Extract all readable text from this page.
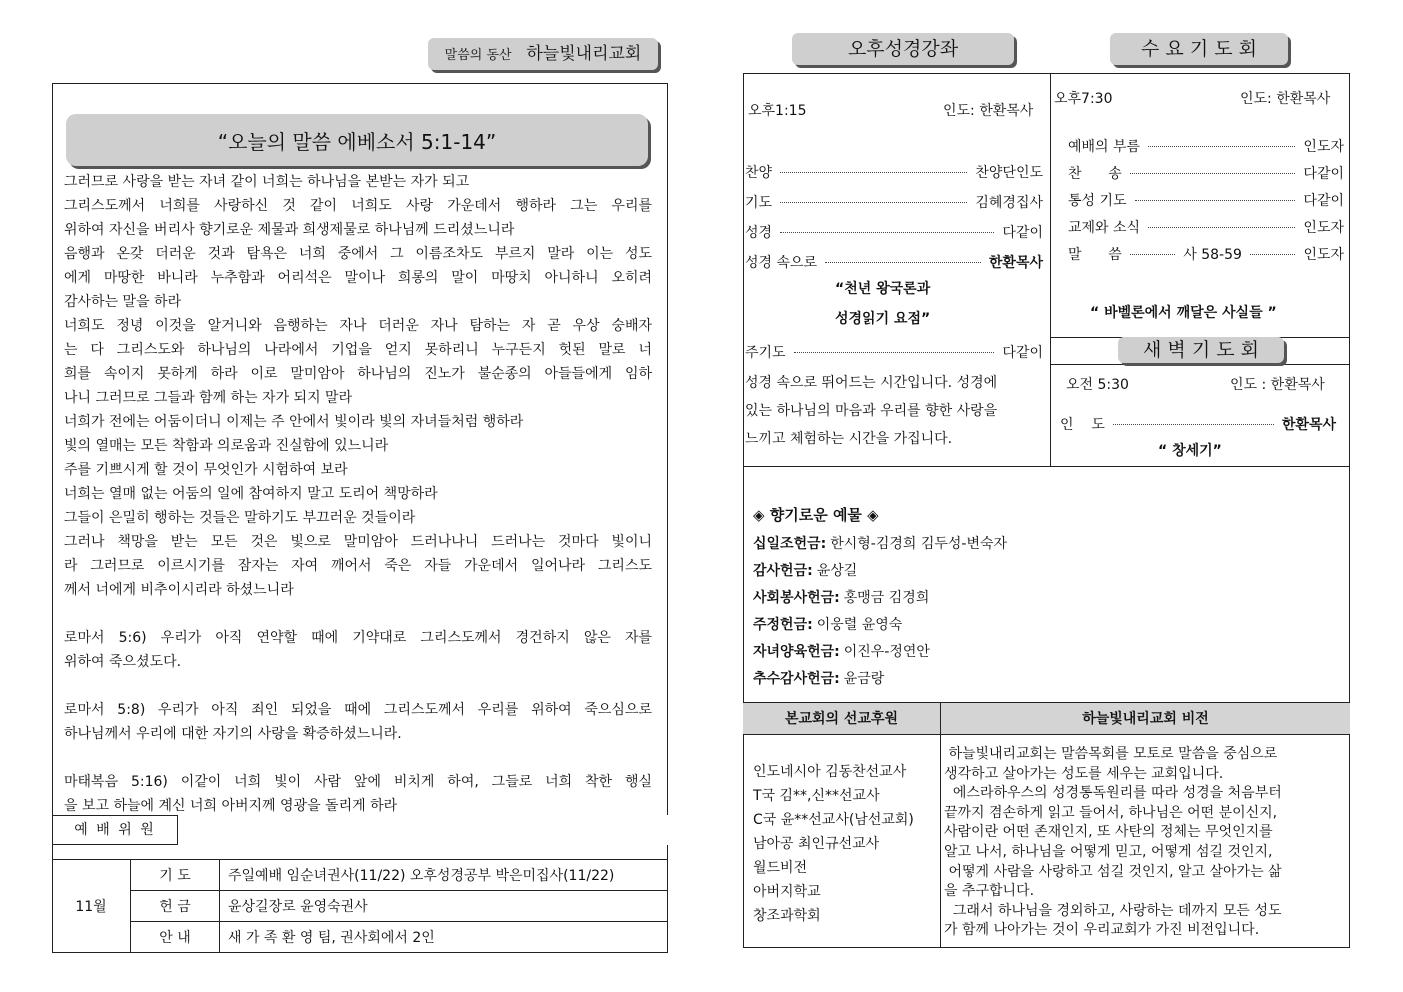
말씀의 동산 하늘빛내리교회
“오늘의 말씀 에베소서 5:1-14”
그러므로 사랑을 받는 자녀 같이 너희는 하나님을 본받는 자가 되고
그리스도께서 너희를 사랑하신 것 같이 너희도 사랑 가운데서 행하라 그는 우리를
위하여 자신을 버리사 향기로운 제물과 희생제물로 하나님께 드리셨느니라
음행과 온갖 더러운 것과 탐욕은 너희 중에서 그 이름조차도 부르지 말라 이는 성도
에게 마땅한 바니라 누추함과 어리석은 말이나 희롱의 말이 마땅치 아니하니 오히려
감사하는 말을 하라
너희도 정녕 이것을 알거니와 음행하는 자나 더러운 자나 탐하는 자 곧 우상 숭배자
는 다 그리스도와 하나님의 나라에서 기업을 얻지 못하리니 누구든지 헛된 말로 너
희를 속이지 못하게 하라 이로 말미암아 하나님의 진노가 불순종의 아들들에게 임하
나니 그러므로 그들과 함께 하는 자가 되지 말라
너희가 전에는 어둠이더니 이제는 주 안에서 빛이라 빛의 자녀들처럼 행하라
빛의 열매는 모든 착함과 의로움과 진실함에 있느니라
주를 기쁘시게 할 것이 무엇인가 시험하여 보라
너희는 열매 없는 어둠의 일에 참여하지 말고 도리어 책망하라
그들이 은밀히 행하는 것들은 말하기도 부끄러운 것들이라
그러나 책망을 받는 모든 것은 빛으로 말미암아 드러나나니 드러나는 것마다 빛이니
라 그러므로 이르시기를 잠자는 자여 깨어서 죽은 자들 가운데서 일어나라 그리스도
께서 너에게 비추이시리라 하셨느니라
로마서 5:6) 우리가 아직 연약할 때에 기약대로 그리스도께서 경건하지 않은 자를
위하여 죽으셨도다.
로마서 5:8) 우리가 아직 죄인 되었을 때에 그리스도께서 우리를 위하여 죽으심으로
하나님께서 우리에 대한 자기의 사랑을 확증하셨느니라.
마태복음 5:16) 이같이 너희 빛이 사람 앞에 비치게 하여, 그들로 너희 착한 행실
을 보고 하늘에 계신 너희 아버지께 영광을 돌리게 하라
예 배 위 원
11월	기 도	주일예배 임순녀권사(11/22) 오후성경공부 박은미집사(11/22)
	헌 금	윤상길장로 윤영숙권사
	안 내	새 가 족 환 영 팀, 권사회에서 2인
오후성경강좌	수 요 기 도 회
오후1:15	인도: 한환목사
찬양	찬양단인도
기도	김혜경집사
성경	다같이
성경 속으로	한환목사
“천년 왕국론과
성경읽기 요점”
주기도	다같이
성경 속으로 뛰어드는 시간입니다. 성경에
있는 하나님의 마음과 우리를 향한 사랑을
느끼고 체험하는 시간을 가집니다.
오후7:30	인도: 한환목사
예배의 부름	인도자
찬      송	다같이
통성 기도	다같이
교제와 소식	인도자
말      씀	사 58-59	인도자
“ 바벨론에서 깨달은 사실들 ”
새 벽 기 도 회
오전 5:30	인도 : 한환목사
인    도	한환목사
“ 창세기”
◈ 향기로운 예물 ◈
십일조헌금: 한시형-김경희 김두성-변숙자
감사헌금: 윤상길
사회봉사헌금: 홍맹금 김경희
주정헌금: 이웅렬 윤영숙
자녀양육헌금: 이진우-정연안
추수감사헌금: 윤금랑
본교회의 선교후원	하늘빛내리교회 비전
인도네시아 김동찬선교사
T국 김**,신**선교사
C국 윤**선교사(남선교회)
남아공 최인규선교사
월드비전
아버지학교
창조과학회
하늘빛내리교회는 말씀목회를 모토로 말씀을 중심으로
생각하고 살아가는 성도를 세우는 교회입니다.
에스라하우스의 성경통독원리를 따라 성경을 처음부터
끝까지 겸손하게 읽고 들어서, 하나님은 어떤 분이신지,
사람이란 어떤 존재인지, 또 사탄의 정체는 무엇인지를
알고 나서, 하나님을 어떻게 믿고, 어떻게 섬길 것인지,
어떻게 사람을 사랑하고 섬길 것인지, 알고 살아가는 삶
을 추구합니다.
그래서 하나님을 경외하고, 사랑하는 데까지 모든 성도
가 함께 나아가는 것이 우리교회가 가진 비전입니다.
